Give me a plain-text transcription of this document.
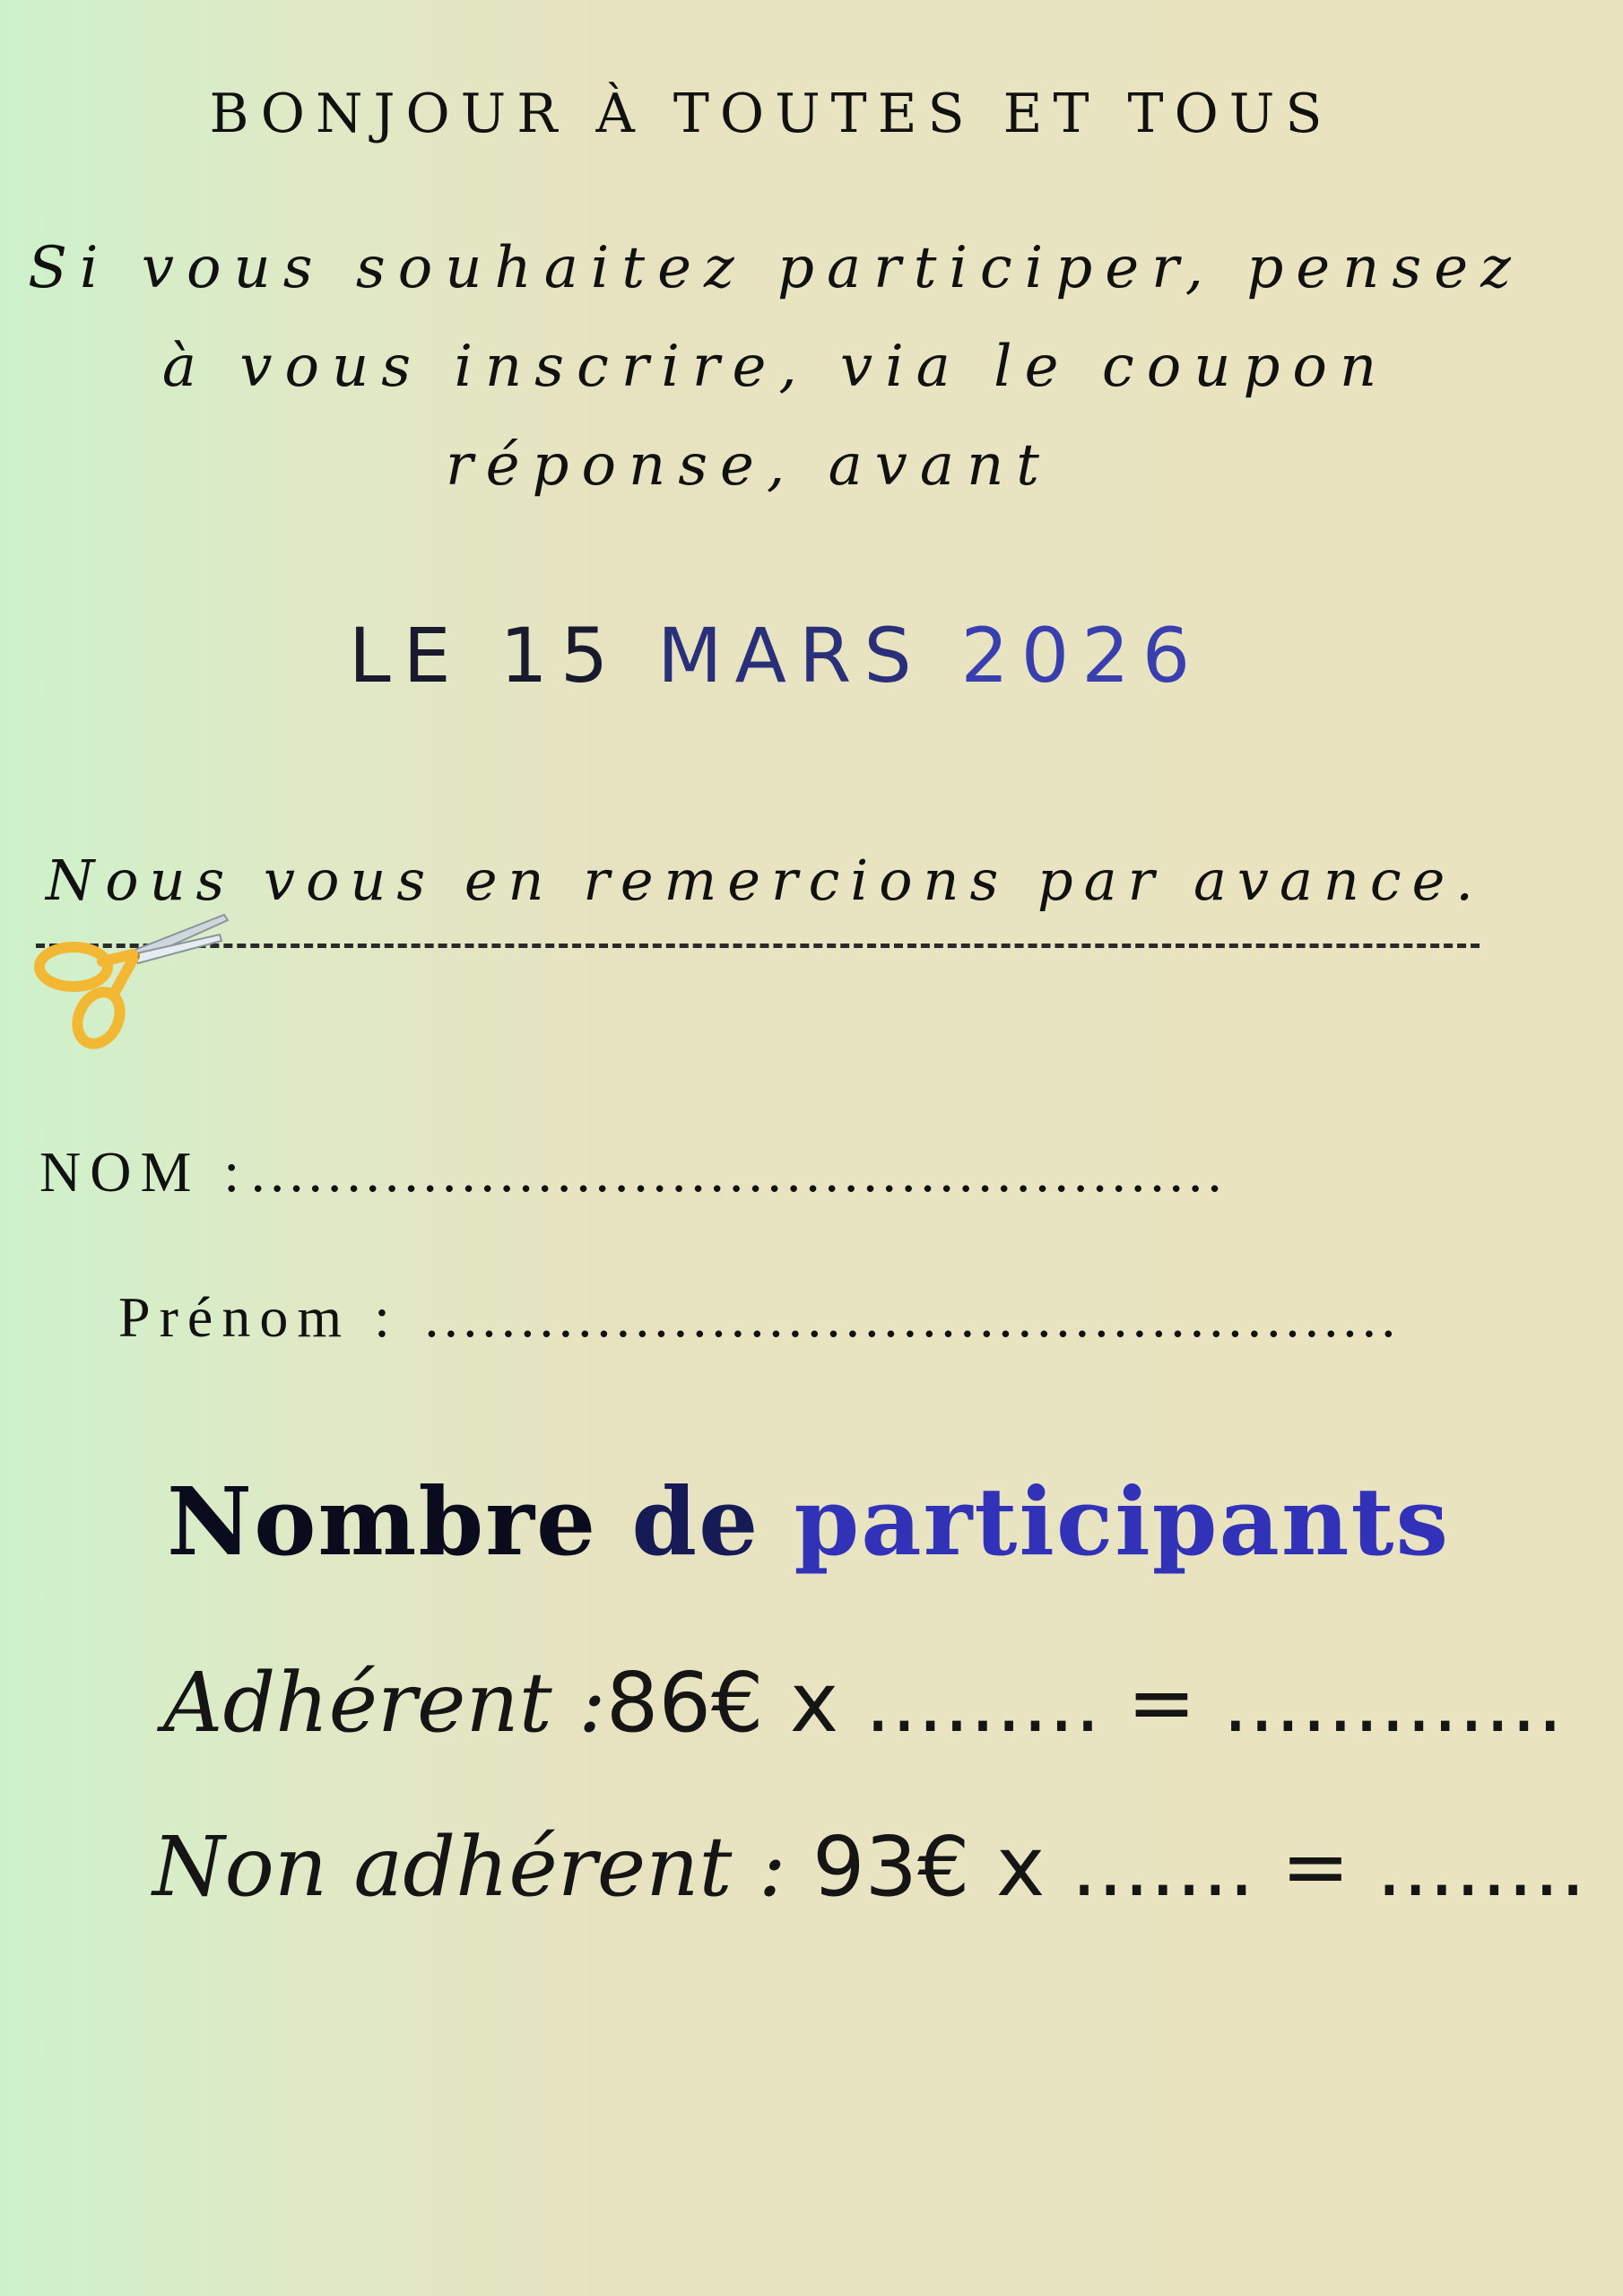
BONJOUR À TOUTES ET TOUS
Si vous souhaitez participer, pensez
à vous inscrire, via le coupon
réponse, avant
LE 15 MARS 2026
Nous vous en remercions par avance.
NOM :……………………………………………
Prénom : ……………………………………………
Nombre de participants
Adhérent :86€ x ......... = .............
Non adhérent : 93€ x ....... = ........
